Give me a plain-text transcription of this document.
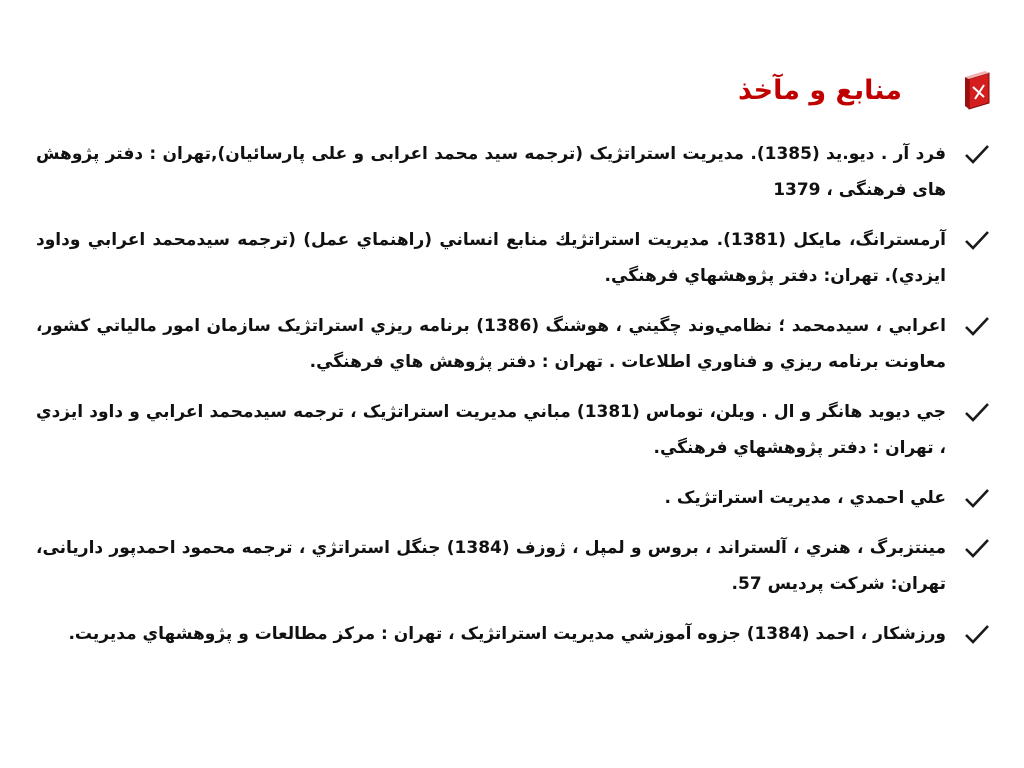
منابع و مآخذ
فرد آر . ديو.يد (1385). مديريت استراتژيک (ترجمه سيد محمد اعرابی و علی پارسائيان),تهران : دفتر پژوهش های فرهنگی ، 1379
آرمسترانگ، مايكل (1381). مديريت استراتژيك منابع انساني (راهنماي عمل) (ترجمه سيدمحمد اعرابي وداود ايزدي). تهران: دفتر پژوهشهاي فرهنگي.
اعرابي ، سيدمحمد ؛ نظامي‌وند چگيني ، هوشنگ (1386) برنامه ريزي استراتژيک سازمان امور مالياتي کشور، معاونت برنامه ريزي و فناوري اطلاعات . تهران : دفتر پژوهش هاي فرهنگي.
جي ديويد هانگر و ال . ويلن، توماس (1381) مباني مديريت استراتژيک ، ترجمه سيدمحمد اعرابي و داود ايزدي ، تهران : دفتر پژوهشهاي فرهنگي.
علي احمدي ، مديريت استراتژيک .
مينتزبرگ ، هنري ، آلستراند ، بروس و لمپل ، ژوزف (1384) جنگل استراتژي ، ترجمه محمود احمدپور داریانی، تهران: شرکت پرديس 57.
ورزشكار ، احمد (1384) جزوه آموزشي مديريت استراتژيک ، تهران : مرکز مطالعات و پژوهشهاي مديريت.
